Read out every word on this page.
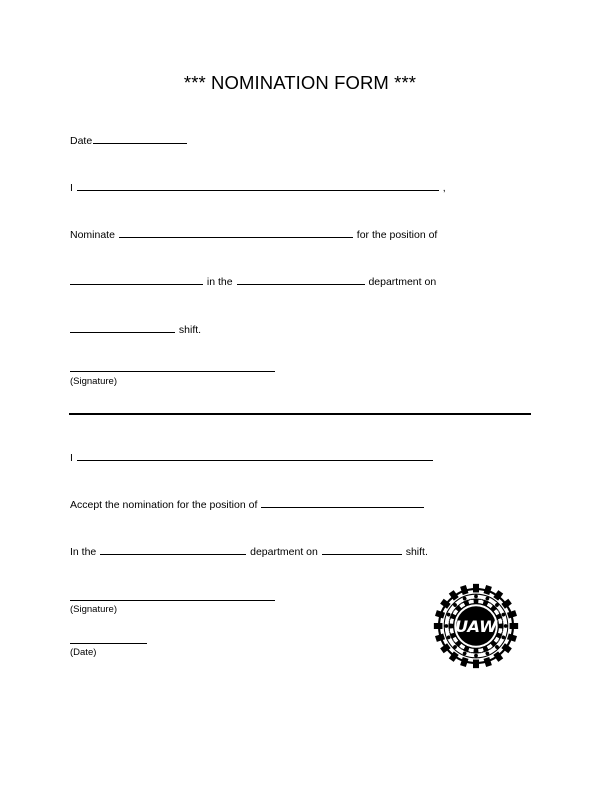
*** NOMINATION FORM ***
Date
I	,
Nominate	for the position of
in the	department on
shift.
(Signature)
I
Accept the nomination for the position of
In the	department on	shift.
(Signature)
(Date)
UAW
